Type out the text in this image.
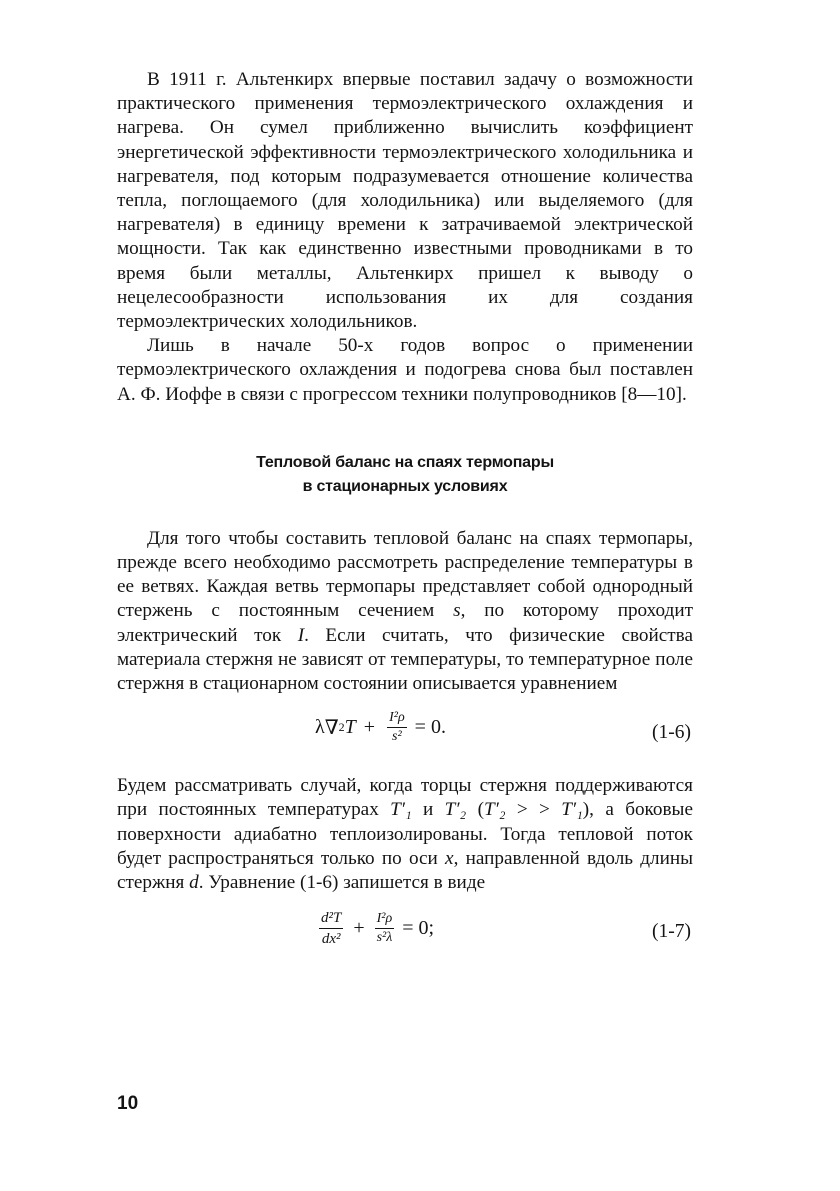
В 1911 г. Альтенкирх впервые поставил задачу о возможности практического применения термоэлектрического охлаждения и нагрева. Он сумел приближенно вычислить коэффициент энергетической эффективности термоэлектрического холодильника и нагревателя, под которым подразумевается отношение количества тепла, поглощаемого (для холодильника) или выделяемого (для нагревателя) в единицу времени к затрачиваемой электрической мощности. Так как единственно известными проводниками в то время были металлы, Альтенкирх пришел к выводу о нецелесообразности использования их для создания термоэлектрических холодильников.

Лишь в начале 50-х годов вопрос о применении термоэлектрического охлаждения и подогрева снова был поставлен А. Ф. Иоффе в связи с прогрессом техники полупроводников [8—10].

Тепловой баланс на спаях термопары
в стационарных условиях

Для того чтобы составить тепловой баланс на спаях термопары, прежде всего необходимо рассмотреть распределение температуры в ее ветвях. Каждая ветвь термопары представляет собой однородный стержень с постоянным сечением s, по которому проходит электрический ток I. Если считать, что физические свойства материала стержня не зависят от температуры, то температурное поле стержня в стационарном состоянии описывается уравнением

λ ∇ 2 $T + \frac{\text{I²ρ}}{\text{s²}} = 0$.	(1-6)

Будем рассматривать случай, когда торцы стержня поддерживаются при постоянных температурах T′₁ и T′₂ (T′₂ > > T′₁), а боковые поверхности адиабатно теплоизолированы. Тогда тепловой поток будет распространяться только по оси x, направленной вдоль длины стержня d. Уравнение (1-6) запишется в виде

$\frac{\text{d²T}}{\text{dx²}} + \frac{\text{I²ρ}}{\text{s²λ}} = 0$;	(1-7)
10
